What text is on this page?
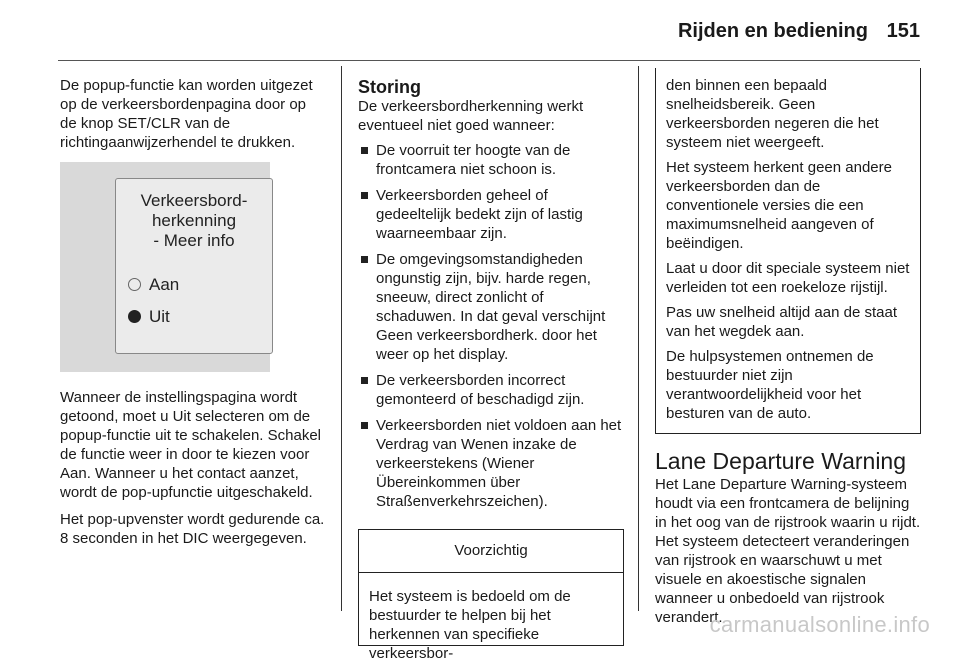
Rijden en bediening 151

De popup-functie kan worden uitgezet op de verkeersbordenpagina door op de knop SET/CLR van de richtingaanwijzerhendel te drukken.

Verkeersbord-
herkenning
- Meer info
Aan
Uit

Wanneer de instellingspagina wordt getoond, moet u Uit selecteren om de popup-functie uit te schakelen. Schakel de functie weer in door te kiezen voor Aan. Wanneer u het contact aanzet, wordt de pop-upfunctie uitgeschakeld.

Het pop-upvenster wordt gedurende ca. 8 seconden in het DIC weergegeven.

Storing

De verkeersbordherkenning werkt eventueel niet goed wanneer:

De voorruit ter hoogte van de frontcamera niet schoon is.
Verkeersborden geheel of gedeeltelijk bedekt zijn of lastig waarneembaar zijn.
De omgevingsomstandigheden ongunstig zijn, bijv. harde regen, sneeuw, direct zonlicht of schaduwen. In dat geval verschijnt Geen verkeersbordherk. door het weer op het display.
De verkeersborden incorrect gemonteerd of beschadigd zijn.
Verkeersborden niet voldoen aan het Verdrag van Wenen inzake de verkeerstekens (Wiener Übereinkommen über Straßenverkehrszeichen).
Voorzichtig
Het systeem is bedoeld om de bestuurder te helpen bij het herkennen van specifieke verkeersbor-

den binnen een bepaald snelheidsbereik. Geen verkeersborden negeren die het systeem niet weergeeft.

Het systeem herkent geen andere verkeersborden dan de conventionele versies die een maximumsnelheid aangeven of beëindigen.

Laat u door dit speciale systeem niet verleiden tot een roekeloze rijstijl.

Pas uw snelheid altijd aan de staat van het wegdek aan.

De hulpsystemen ontnemen de bestuurder niet zijn verantwoordelijkheid voor het besturen van de auto.

Lane Departure Warning

Het Lane Departure Warning-systeem houdt via een frontcamera de belijning in het oog van de rijstrook waarin u rijdt. Het systeem detecteert veranderingen van rijstrook en waarschuwt u met visuele en akoestische signalen wanneer u onbedoeld van rijstrook verandert.

carmanualsonline.info
